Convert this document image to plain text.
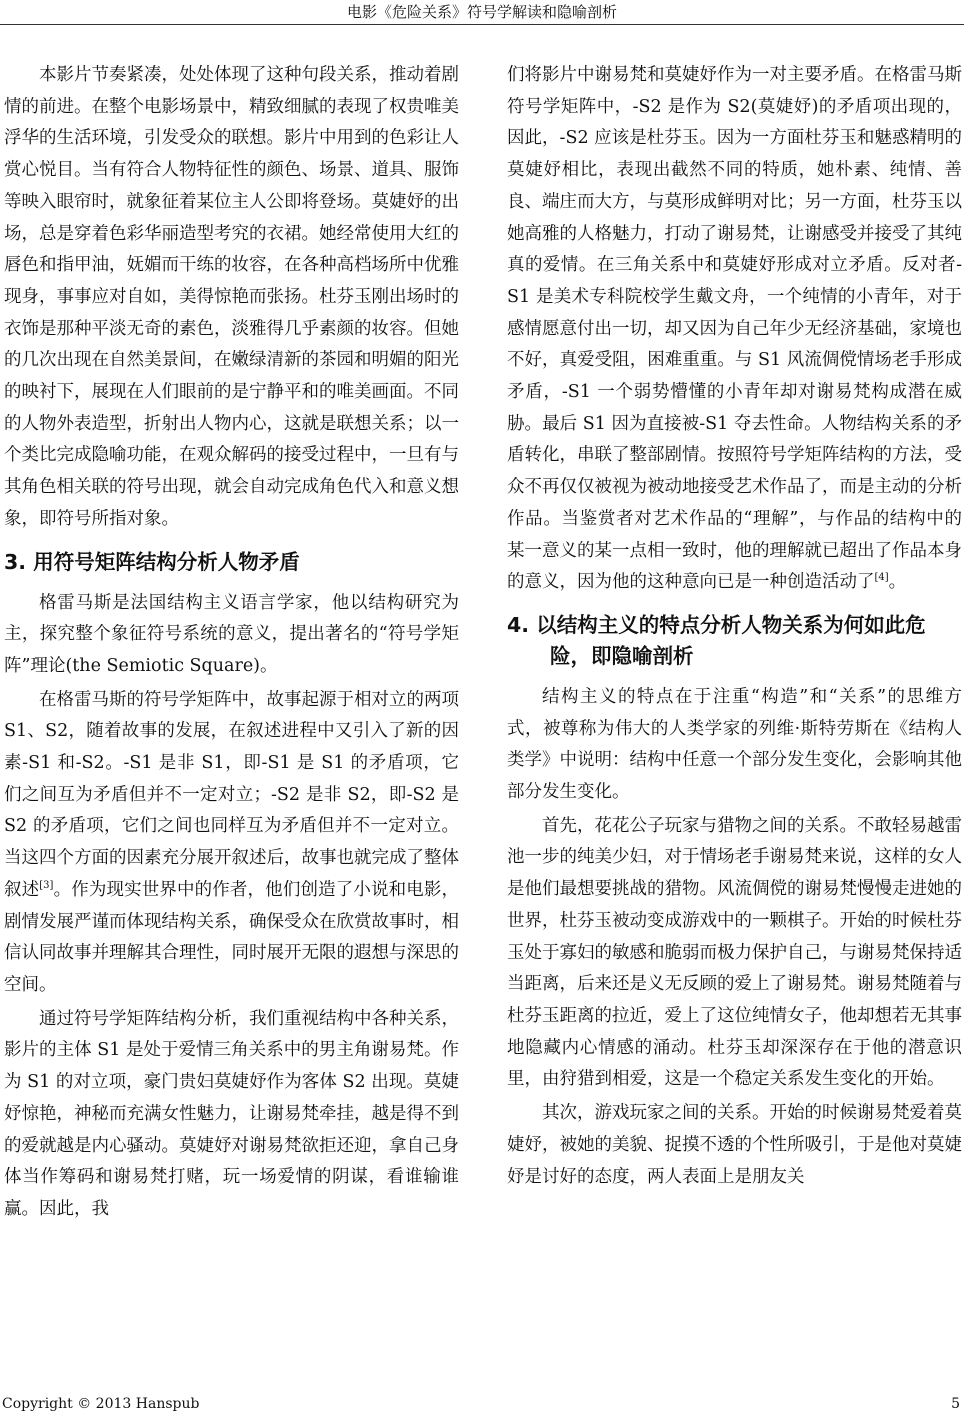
电影《危险关系》符号学解读和隐喻剖析

本影片节奏紧凑，处处体现了这种句段关系，推动着剧情的前进。在整个电影场景中，精致细腻的表现了权贵唯美浮华的生活环境，引发受众的联想。影片中用到的色彩让人赏心悦目。当有符合人物特征性的颜色、场景、道具、服饰等映入眼帘时，就象征着某位主人公即将登场。莫婕妤的出场，总是穿着色彩华丽造型考究的衣裙。她经常使用大红的唇色和指甲油，妩媚而干练的妆容，在各种高档场所中优雅现身，事事应对自如，美得惊艳而张扬。杜芬玉刚出场时的衣饰是那种平淡无奇的素色，淡雅得几乎素颜的妆容。但她的几次出现在自然美景间，在嫩绿清新的茶园和明媚的阳光的映衬下，展现在人们眼前的是宁静平和的唯美画面。不同的人物外表造型，折射出人物内心，这就是联想关系；以一个类比完成隐喻功能，在观众解码的接受过程中，一旦有与其角色相关联的符号出现，就会自动完成角色代入和意义想象，即符号所指对象。

3. 用符号矩阵结构分析人物矛盾

格雷马斯是法国结构主义语言学家，他以结构研究为主，探究整个象征符号系统的意义，提出著名的“符号学矩阵”理论(the Semiotic Square)。

在格雷马斯的符号学矩阵中，故事起源于相对立的两项 S1、S2，随着故事的发展，在叙述进程中又引入了新的因素-S1 和-S2。-S1 是非 S1，即-S1 是 S1 的矛盾项，它们之间互为矛盾但并不一定对立；-S2 是非 S2，即-S2 是 S2 的矛盾项，它们之间也同样互为矛盾但并不一定对立。当这四个方面的因素充分展开叙述后，故事也就完成了整体叙述[3]。作为现实世界中的作者，他们创造了小说和电影，剧情发展严谨而体现结构关系，确保受众在欣赏故事时，相信认同故事并理解其合理性，同时展开无限的遐想与深思的空间。

通过符号学矩阵结构分析，我们重视结构中各种关系，影片的主体 S1 是处于爱情三角关系中的男主角谢易梵。作为 S1 的对立项，豪门贵妇莫婕妤作为客体 S2 出现。莫婕妤惊艳，神秘而充满女性魅力，让谢易梵牵挂，越是得不到的爱就越是内心骚动。莫婕妤对谢易梵欲拒还迎，拿自己身体当作筹码和谢易梵打赌，玩一场爱情的阴谋，看谁输谁赢。因此，我

们将影片中谢易梵和莫婕妤作为一对主要矛盾。在格雷马斯符号学矩阵中，-S2 是作为 S2(莫婕妤)的矛盾项出现的，因此，-S2 应该是杜芬玉。因为一方面杜芬玉和魅惑精明的莫婕妤相比，表现出截然不同的特质，她朴素、纯情、善良、端庄而大方，与莫形成鲜明对比；另一方面，杜芬玉以她高雅的人格魅力，打动了谢易梵，让谢感受并接受了其纯真的爱情。在三角关系中和莫婕妤形成对立矛盾。反对者-S1 是美术专科院校学生戴文舟，一个纯情的小青年，对于感情愿意付出一切，却又因为自己年少无经济基础，家境也不好，真爱受阻，困难重重。与 S1 风流倜傥情场老手形成矛盾，-S1 一个弱势懵懂的小青年却对谢易梵构成潜在威胁。最后 S1 因为直接被-S1 夺去性命。人物结构关系的矛盾转化，串联了整部剧情。按照符号学矩阵结构的方法，受众不再仅仅被视为被动地接受艺术作品了，而是主动的分析作品。当鉴赏者对艺术作品的“理解”，与作品的结构中的某一意义的某一点相一致时，他的理解就已超出了作品本身的意义，因为他的这种意向已是一种创造活动了[4]。

4. 以结构主义的特点分析人物关系为何如此危险，即隐喻剖析

结构主义的特点在于注重“构造”和“关系”的思维方式，被尊称为伟大的人类学家的列维·斯特劳斯在《结构人类学》中说明：结构中任意一个部分发生变化，会影响其他部分发生变化。

首先，花花公子玩家与猎物之间的关系。不敢轻易越雷池一步的纯美少妇，对于情场老手谢易梵来说，这样的女人是他们最想要挑战的猎物。风流倜傥的谢易梵慢慢走进她的世界，杜芬玉被动变成游戏中的一颗棋子。开始的时候杜芬玉处于寡妇的敏感和脆弱而极力保护自己，与谢易梵保持适当距离，后来还是义无反顾的爱上了谢易梵。谢易梵随着与杜芬玉距离的拉近，爱上了这位纯情女子，他却想若无其事地隐藏内心情感的涌动。杜芬玉却深深存在于他的潜意识里，由狩猎到相爱，这是一个稳定关系发生变化的开始。

其次，游戏玩家之间的关系。开始的时候谢易梵爱着莫婕妤，被她的美貌、捉摸不透的个性所吸引，于是他对莫婕妤是讨好的态度，两人表面上是朋友关

Copyright © 2013 Hanspub	5
